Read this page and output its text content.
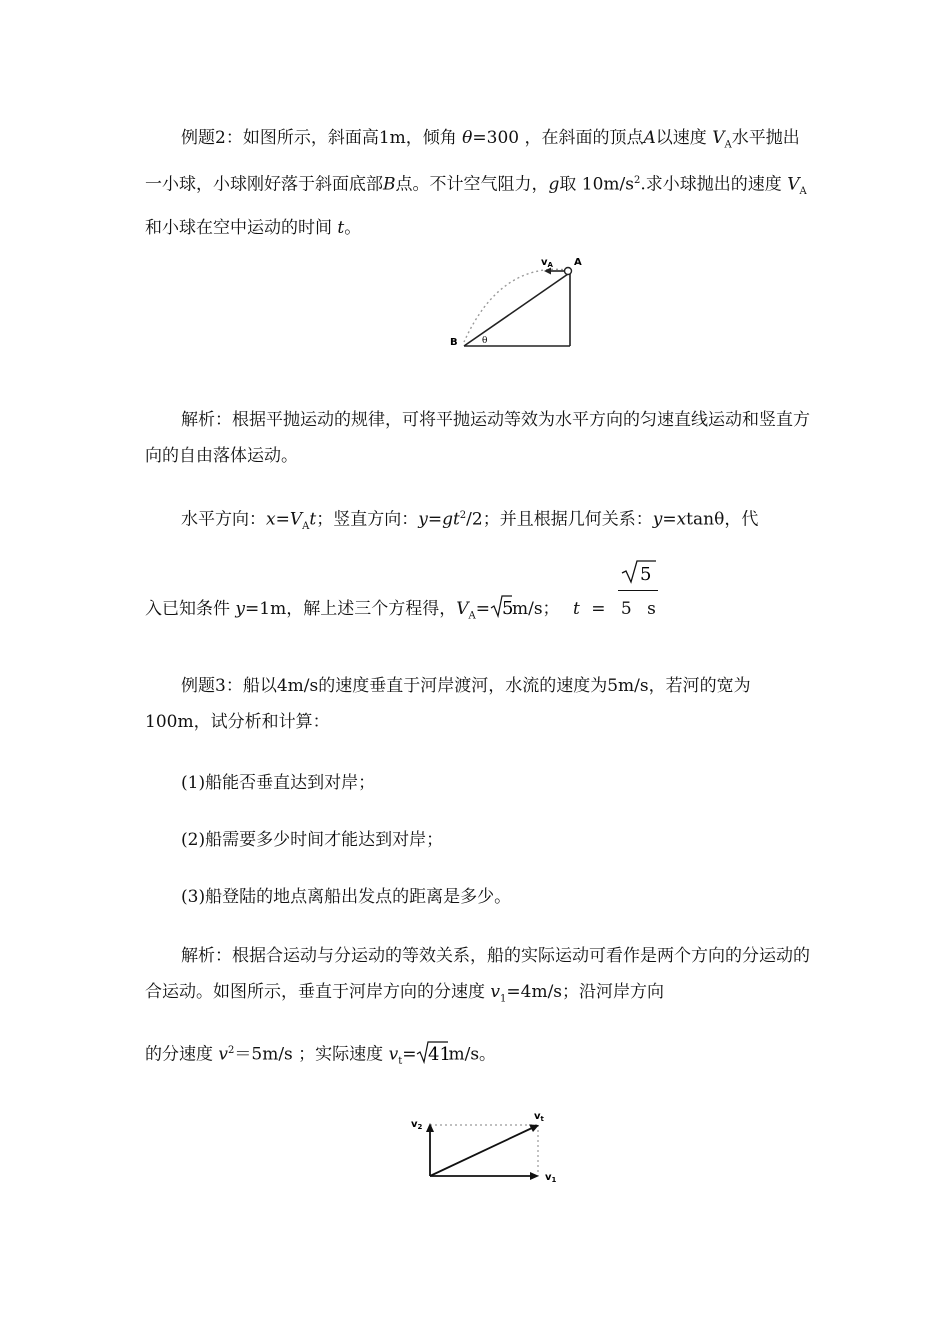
例题2：如图所示，斜面高1m，倾角 θ=300 ，在斜面的顶点A以速度 $V_A$水平抛出一小球，小球刚好落于斜面底部B点。不计空气阻力，g取 $10m/s^2$.求小球抛出的速度 $V_A$和小球在空中运动的时间 t。
$v_A$ A
B	θ
解析：根据平抛运动的规律，可将平抛运动等效为水平方向的匀速直线运动和竖直方向的自由落体运动。
水平方向：$x=V_At$；竖直方向：$y=gt^2/2$；并且根据几何关系：y=xtanθ，代
5
入已知条件 y=1m，解上述三个方程得，$V_A= 5$
m/s； t = 5 s
例题3：船以4m/s的速度垂直于河岸渡河，水流的速度为5m/s，若河的宽为100m，试分析和计算：
(1)船能否垂直达到对岸；
(2)船需要多少时间才能达到对岸；
(3)船登陆的地点离船出发点的距离是多少。
解析：根据合运动与分运动的等效关系，船的实际运动可看作是两个方向的分运动的合运动。如图所示，垂直于河岸方向的分速度 $v_1=4m/s$；沿河岸方向
的分速度 $v^2=5m/s$ ；实际速度 $v_t= 41$
m/s。
$v_2$
$v_t$
$v_1$
